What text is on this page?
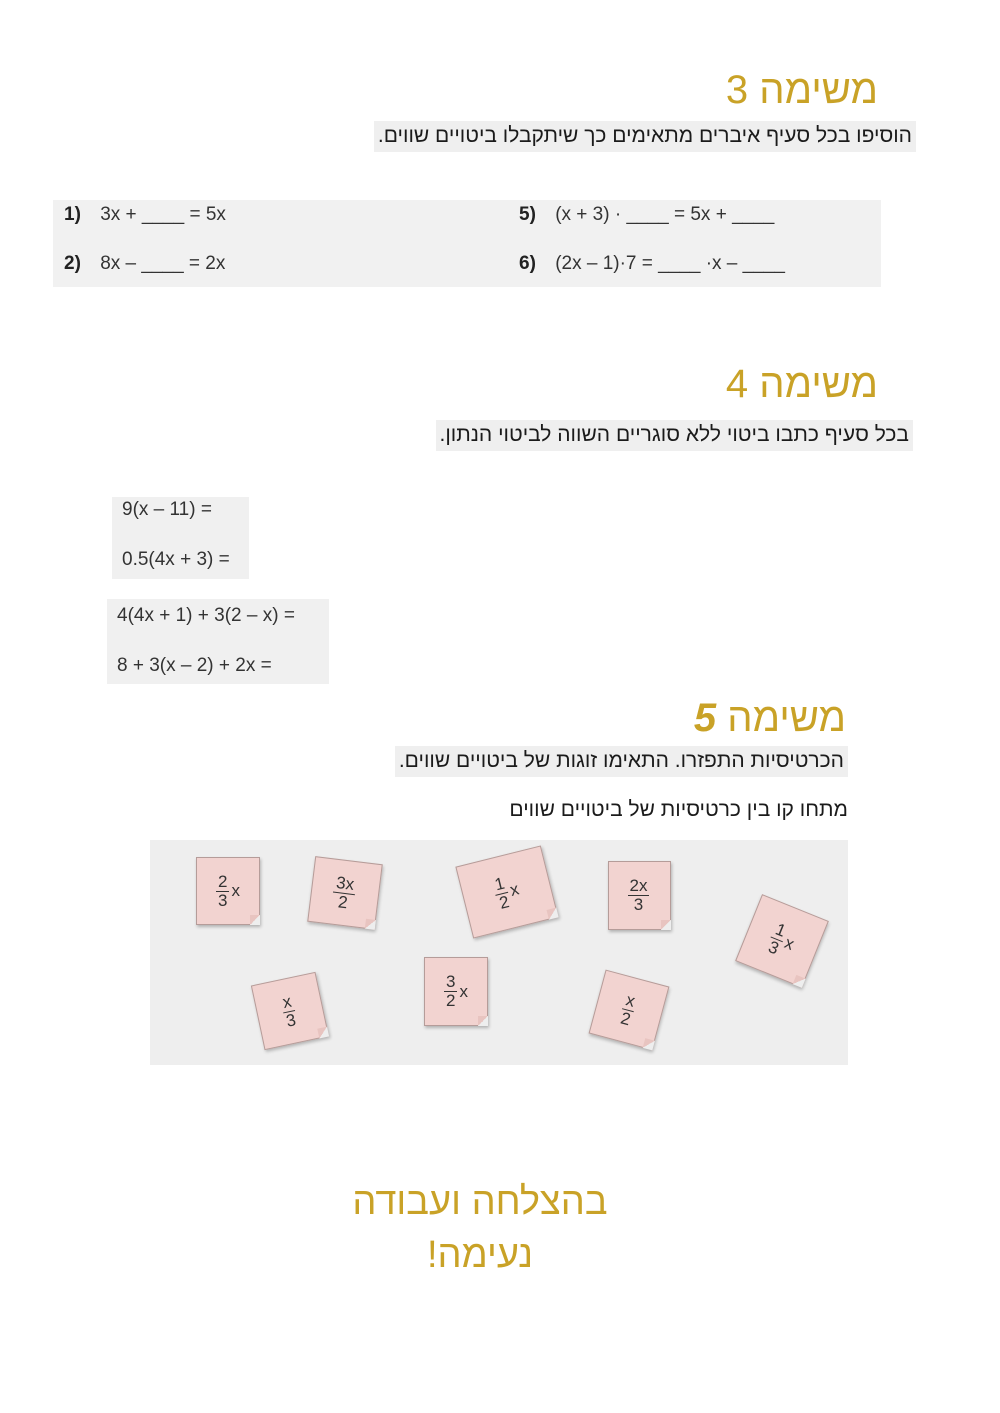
משימה 3
הוסיפו בכל סעיף איברים מתאימים כך שיתקבלו ביטויים שווים.
1) 3x + ____ = 5x
2) 8x – ____ = 2x
5) (x + 3) · ____ = 5x + ____
6) (2x – 1)·7 = ____ ·x – ____
משימה 4
בכל סעיף כתבו ביטוי ללא סוגריים השווה לביטוי הנתון.
9(x – 11) =
0.5(4x + 3) =
4(4x + 1) + 3(2 – x) =
8 + 3(x – 2) + 2x =
משימה 5
הכרטיסיות התפזרו. התאימו זוגות של ביטויים שווים.
מתחו קו בין כרטיסיות של ביטויים שווים
$\frac{2}{3}$ x	$\frac{3x}{2}$	$\frac{1}{2}$
x	$\frac{2x}{3}$
$\frac{1}{3}$
x
$\frac{x}{3}$
$\frac{3}{2}$ x	$\frac{x}{2}$
בהצלחה ועבודה
נעימה!
